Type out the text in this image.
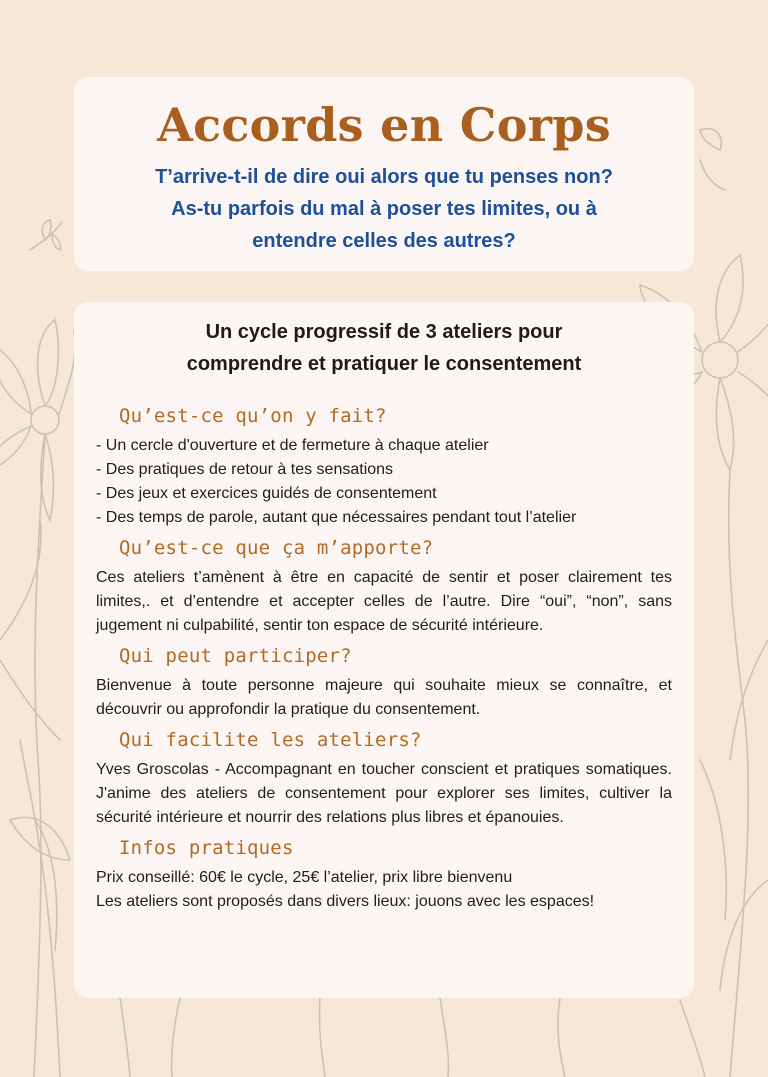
Accords en Corps
T’arrive-t-il de dire oui alors que tu penses non?
As-tu parfois du mal à poser tes limites, ou à
entendre celles des autres?
Un cycle progressif de 3 ateliers pour
comprendre et pratiquer le consentement
Qu’est-ce qu’on y fait?
- Un cercle d'ouverture et de fermeture à chaque atelier
- Des pratiques de retour à tes sensations
- Des jeux et exercices guidés de consentement
- Des temps de parole, autant que nécessaires pendant tout l’atelier
Qu’est-ce que ça m’apporte?

Ces ateliers t’amènent à être en capacité de sentir et poser clairement tes limites,. et d’entendre et accepter celles de l’autre. Dire “oui”, “non”, sans jugement ni culpabilité, sentir ton espace de sécurité intérieure.

Qui peut participer?

Bienvenue à toute personne majeure qui souhaite mieux se connaître, et découvrir ou approfondir la pratique du consentement.

Qui facilite les ateliers?

Yves Groscolas - Accompagnant en toucher conscient et pratiques somatiques. J'anime des ateliers de consentement pour explorer ses limites, cultiver la sécurité intérieure et nourrir des relations plus libres et épanouies.

Infos pratiques
Prix conseillé: 60€ le cycle, 25€ l’atelier, prix libre bienvenu
Les ateliers sont proposés dans divers lieux: jouons avec les espaces!
